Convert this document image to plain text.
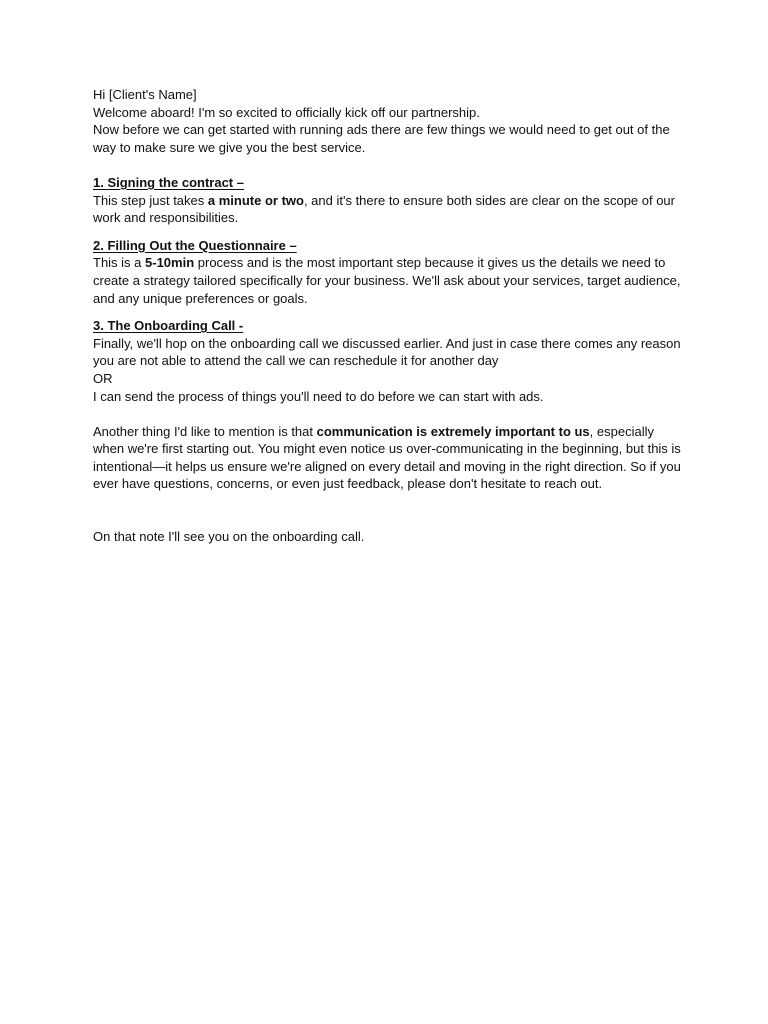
Hi [Client's Name]
Welcome aboard! I'm so excited to officially kick off our partnership.
Now before we can get started with running ads there are few things we would need to get out of the way to make sure we give you the best service.
1. Signing the contract –
This step just takes a minute or two, and it's there to ensure both sides are clear on the scope of our work and responsibilities.
2. Filling Out the Questionnaire –
This is a 5-10min process and is the most important step because it gives us the details we need to create a strategy tailored specifically for your business. We'll ask about your services, target audience, and any unique preferences or goals.
3. The Onboarding Call -
Finally, we'll hop on the onboarding call we discussed earlier. And just in case there comes any reason you are not able to attend the call we can reschedule it for another day
OR
I can send the process of things you'll need to do before we can start with ads.
Another thing I'd like to mention is that communication is extremely important to us, especially when we're first starting out. You might even notice us over-communicating in the beginning, but this is intentional—it helps us ensure we're aligned on every detail and moving in the right direction. So if you ever have questions, concerns, or even just feedback, please don't hesitate to reach out.
On that note I'll see you on the onboarding call.
